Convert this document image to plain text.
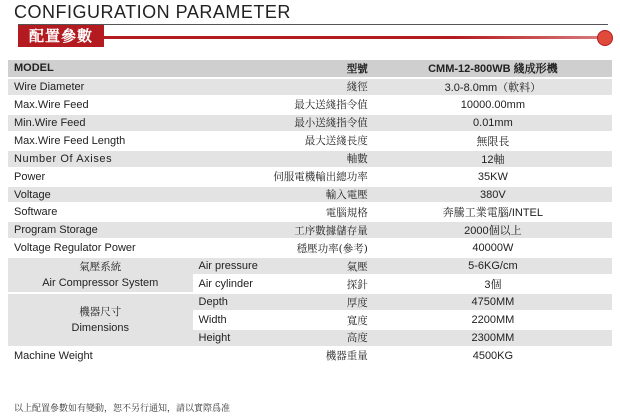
CONFIGURATION PARAMETER
配置參數
MODEL		型號	CMM-12-800WB 綫成形機
Wire Diameter		綫徑	3.0-8.0mm（軟料）
Max.Wire Feed		最大送綫指令值	10000.00mm
Min.Wire Feed		最小送綫指令值	0.01mm
Max.Wire Feed Length		最大送綫長度	無限長
Number Of Axises		軸數	12軸
Power		伺服電機輸出總功率	35KW
Voltage		輸入電壓	380V
Software		電腦規格	奔騰工業電腦/INTEL
Program Storage		工序數據儲存量	2000個以上
Voltage Regulator Power		穩壓功率(參考)	40000W

氣壓系統
Air Compressor System	Air pressure	氣壓	5-6KG/cm
	Air cylinder	探針	3個

機器尺寸
Dimensions	Depth	厚度	4750MM
	Width	寬度	2200MM
	Height	高度	2300MM
Machine Weight		機器重量	4500KG
以上配置參數如有變動，恕不另行通知，請以實際爲准
